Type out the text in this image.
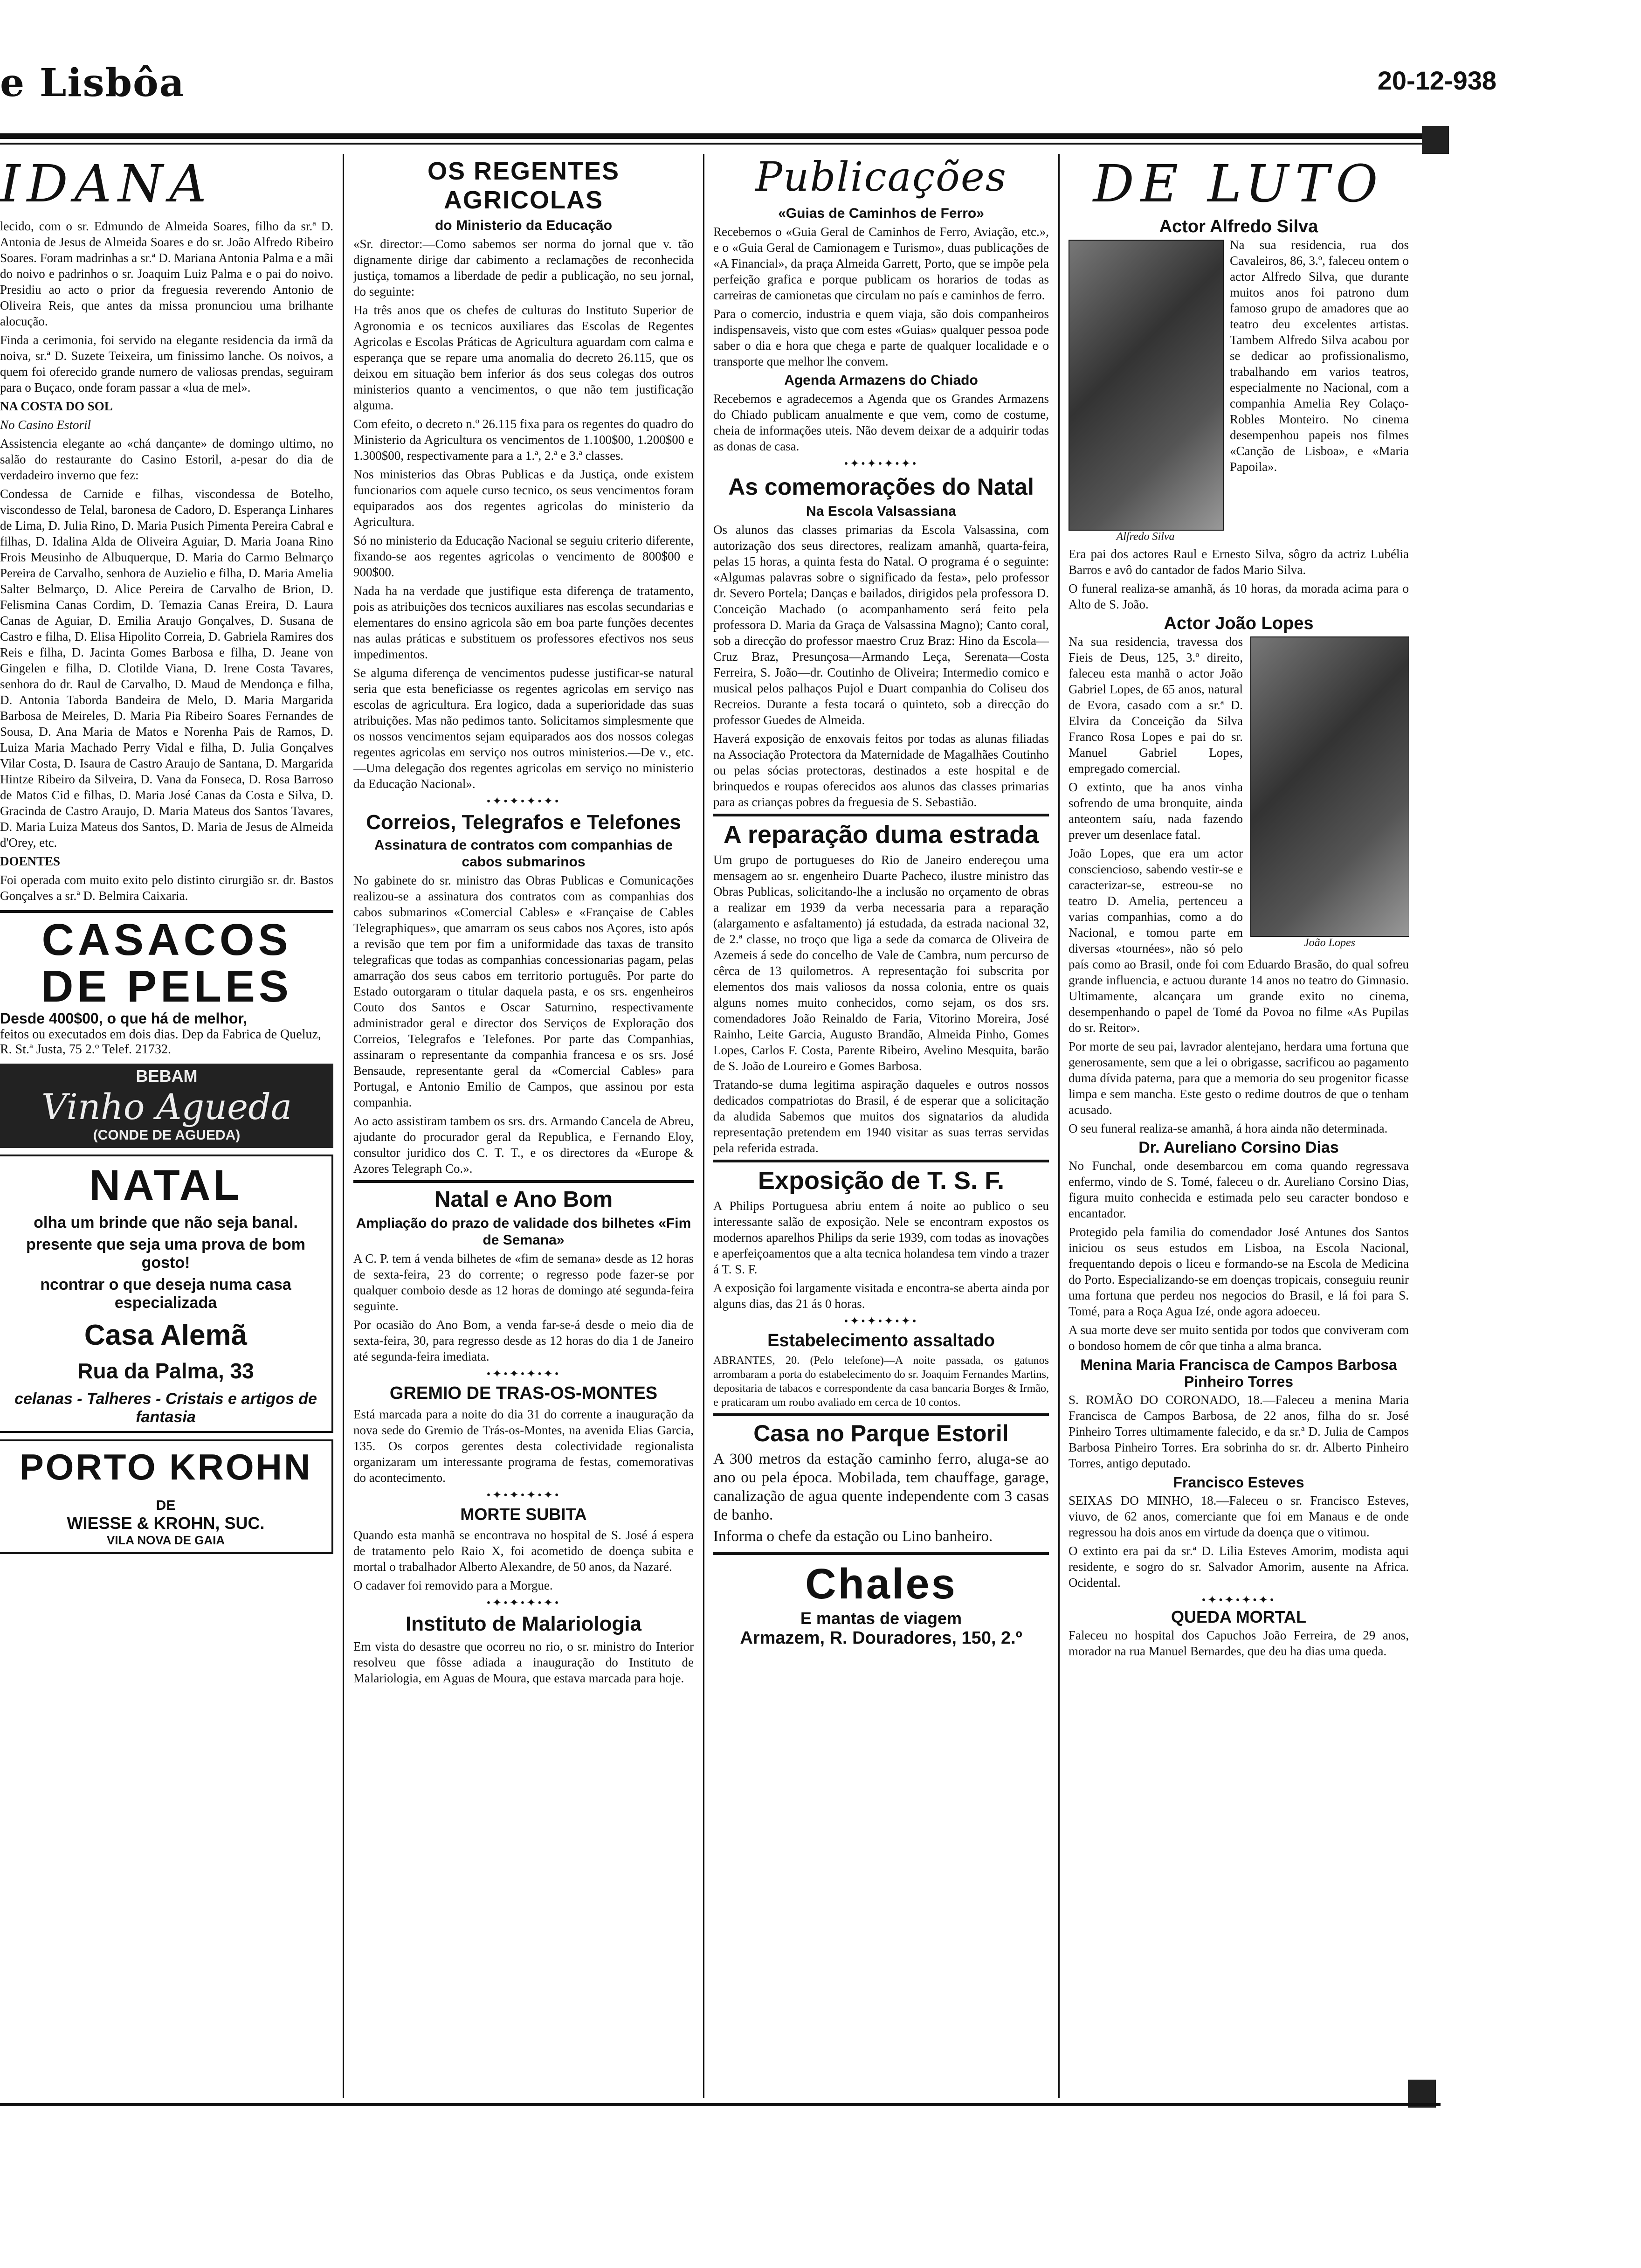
e Lisbôa	20-12-938
IDANA

lecido, com o sr. Edmundo de Almeida Soares, filho da sr.ª D. Antonia de Jesus de Almeida Soares e do sr. João Alfredo Ribeiro Soares. Foram madrinhas a sr.ª D. Mariana Antonia Palma e a mãi do noivo e padrinhos o sr. Joaquim Luiz Palma e o pai do noivo. Presidiu ao acto o prior da freguesia reverendo Antonio de Oliveira Reis, que antes da missa pronunciou uma brilhante alocução.

Finda a cerimonia, foi servido na elegante residencia da irmã da noiva, sr.ª D. Suzete Teixeira, um finissimo lanche. Os noivos, a quem foi oferecido grande numero de valiosas prendas, seguiram para o Buçaco, onde foram passar a «lua de mel».

NA COSTA DO SOL

No Casino Estoril

Assistencia elegante ao «chá dançante» de domingo ultimo, no salão do restaurante do Casino Estoril, a-pesar do dia de verdadeiro inverno que fez:

Condessa de Carnide e filhas, viscondessa de Botelho, viscondesso de Telal, baronesa de Cadoro, D. Esperança Linhares de Lima, D. Julia Rino, D. Maria Pusich Pimenta Pereira Cabral e filhas, D. Idalina Alda de Oliveira Aguiar, D. Maria Joana Rino Frois Meusinho de Albuquerque, D. Maria do Carmo Belmarço Pereira de Carvalho, senhora de Auzielio e filha, D. Maria Amelia Salter Belmarço, D. Alice Pereira de Carvalho de Brion, D. Felismina Canas Cordim, D. Temazia Canas Ereira, D. Laura Canas de Aguiar, D. Emilia Araujo Gonçalves, D. Susana de Castro e filha, D. Elisa Hipolito Correia, D. Gabriela Ramires dos Reis e filha, D. Jacinta Gomes Barbosa e filha, D. Jeane von Gingelen e filha, D. Clotilde Viana, D. Irene Costa Tavares, senhora do dr. Raul de Carvalho, D. Maud de Mendonça e filha, D. Antonia Taborda Bandeira de Melo, D. Maria Margarida Barbosa de Meireles, D. Maria Pia Ribeiro Soares Fernandes de Sousa, D. Ana Maria de Matos e Norenha Pais de Ramos, D. Luiza Maria Machado Perry Vidal e filha, D. Julia Gonçalves Vilar Costa, D. Isaura de Castro Araujo de Santana, D. Margarida Hintze Ribeiro da Silveira, D. Vana da Fonseca, D. Rosa Barroso de Matos Cid e filhas, D. Maria José Canas da Costa e Silva, D. Gracinda de Castro Araujo, D. Maria Mateus dos Santos Tavares, D. Maria Luiza Mateus dos Santos, D. Maria de Jesus de Almeida d'Orey, etc.

DOENTES

Foi operada com muito exito pelo distinto cirurgião sr. dr. Bastos Gonçalves a sr.ª D. Belmira Caixaria.

CASACOS
DE PELES
Desde 400$00, o que há de melhor,
feitos ou executados em dois dias. Dep da Fabrica de Queluz, R. St.ª Justa, 75 2.º Telef. 21732.
BEBAM
Vinho Agueda
(CONDE DE AGUEDA)
NATAL
olha um brinde que não seja banal.
presente que seja uma prova de bom gosto!
ncontrar o que deseja numa casa especializada
Casa Alemã
Rua da Palma, 33
celanas - Talheres - Cristais e artigos de fantasia
PORTO KROHN
DE
WIESSE & KROHN, SUC.
VILA NOVA DE GAIA
OS REGENTES AGRICOLAS
do Ministerio da Educação

«Sr. director:—Como sabemos ser norma do jornal que v. tão dignamente dirige dar cabimento a reclamações de reconhecida justiça, tomamos a liberdade de pedir a publicação, no seu jornal, do seguinte:

Ha três anos que os chefes de culturas do Instituto Superior de Agronomia e os tecnicos auxiliares das Escolas de Regentes Agricolas e Escolas Práticas de Agricultura aguardam com calma e esperança que se repare uma anomalia do decreto 26.115, que os deixou em situação bem inferior ás dos seus colegas dos outros ministerios quanto a vencimentos, o que não tem justificação alguma.

Com efeito, o decreto n.º 26.115 fixa para os regentes do quadro do Ministerio da Agricultura os vencimentos de 1.100$00, 1.200$00 e 1.300$00, respectivamente para a 1.ª, 2.ª e 3.ª classes.

Nos ministerios das Obras Publicas e da Justiça, onde existem funcionarios com aquele curso tecnico, os seus vencimentos foram equiparados aos dos regentes agricolas do ministerio da Agricultura.

Só no ministerio da Educação Nacional se seguiu criterio diferente, fixando-se aos regentes agricolas o vencimento de 800$00 e 900$00.

Nada ha na verdade que justifique esta diferença de tratamento, pois as atribuições dos tecnicos auxiliares nas escolas secundarias e elementares do ensino agricola são em boa parte funções decentes nas aulas práticas e substituem os professores efectivos nos seus impedimentos.

Se alguma diferença de vencimentos pudesse justificar-se natural seria que esta beneficiasse os regentes agricolas em serviço nas escolas de agricultura. Era logico, dada a superioridade das suas atribuições. Mas não pedimos tanto. Solicitamos simplesmente que os nossos vencimentos sejam equiparados aos dos nossos colegas regentes agricolas em serviço nos outros ministerios.—De v., etc.—Uma delegação dos regentes agricolas em serviço no ministerio da Educação Nacional».

•✦•✦•✦•✦•
Correios, Telegrafos e Telefones
Assinatura de contratos com companhias de cabos submarinos

No gabinete do sr. ministro das Obras Publicas e Comunicações realizou-se a assinatura dos contratos com as companhias dos cabos submarinos «Comercial Cables» e «Française de Cables Telegraphiques», que amarram os seus cabos nos Açores, isto após a revisão que tem por fim a uniformidade das taxas de transito telegraficas que todas as companhias concessionarias pagam, pelas amarração dos seus cabos em territorio português. Por parte do Estado outorgaram o titular daquela pasta, e os srs. engenheiros Couto dos Santos e Oscar Saturnino, respectivamente administrador geral e director dos Serviços de Exploração dos Correios, Telegrafos e Telefones. Por parte das Companhias, assinaram o representante da companhia francesa e os srs. José Bensaude, representante geral da «Comercial Cables» para Portugal, e Antonio Emilio de Campos, que assinou por esta companhia.

Ao acto assistiram tambem os srs. drs. Armando Cancela de Abreu, ajudante do procurador geral da Republica, e Fernando Eloy, consultor juridico dos C. T. T., e os directores da «Europe & Azores Telegraph Co.».

Natal e Ano Bom
Ampliação do prazo de validade dos bilhetes «Fim de Semana»

A C. P. tem á venda bilhetes de «fim de semana» desde as 12 horas de sexta-feira, 23 do corrente; o regresso pode fazer-se por qualquer comboio desde as 12 horas de domingo até segunda-feira seguinte.

Por ocasião do Ano Bom, a venda far-se-á desde o meio dia de sexta-feira, 30, para regresso desde as 12 horas do dia 1 de Janeiro até segunda-feira imediata.

•✦•✦•✦•✦•
GREMIO DE TRAS-OS-MONTES

Está marcada para a noite do dia 31 do corrente a inauguração da nova sede do Gremio de Trás-os-Montes, na avenida Elias Garcia, 135. Os corpos gerentes desta colectividade regionalista organizaram um interessante programa de festas, comemorativas do acontecimento.

•✦•✦•✦•✦•
MORTE SUBITA

Quando esta manhã se encontrava no hospital de S. José á espera de tratamento pelo Raio X, foi acometido de doença subita e mortal o trabalhador Alberto Alexandre, de 50 anos, da Nazaré.

O cadaver foi removido para a Morgue.

•✦•✦•✦•✦•
Instituto de Malariologia

Em vista do desastre que ocorreu no rio, o sr. ministro do Interior resolveu que fôsse adiada a inauguração do Instituto de Malariologia, em Aguas de Moura, que estava marcada para hoje.

Publicações
«Guias de Caminhos de Ferro»

Recebemos o «Guia Geral de Caminhos de Ferro, Aviação, etc.», e o «Guia Geral de Camionagem e Turismo», duas publicações de «A Financial», da praça Almeida Garrett, Porto, que se impõe pela perfeição grafica e porque publicam os horarios de todas as carreiras de camionetas que circulam no país e caminhos de ferro.

Para o comercio, industria e quem viaja, são dois companheiros indispensaveis, visto que com estes «Guias» qualquer pessoa pode saber o dia e hora que chega e parte de qualquer localidade e o transporte que melhor lhe convem.

Agenda Armazens do Chiado

Recebemos e agradecemos a Agenda que os Grandes Armazens do Chiado publicam anualmente e que vem, como de costume, cheia de informações uteis. Não devem deixar de a adquirir todas as donas de casa.

•✦•✦•✦•✦•
As comemorações do Natal
Na Escola Valsassiana

Os alunos das classes primarias da Escola Valsassina, com autorização dos seus directores, realizam amanhã, quarta-feira, pelas 15 horas, a quinta festa do Natal. O programa é o seguinte: «Algumas palavras sobre o significado da festa», pelo professor dr. Severo Portela; Danças e bailados, dirigidos pela professora D. Conceição Machado (o acompanhamento será feito pela professora D. Maria da Graça de Valsassina Magno); Canto coral, sob a direcção do professor maestro Cruz Braz: Hino da Escola— Cruz Braz, Presunçosa—Armando Leça, Serenata—Costa Ferreira, S. João—dr. Coutinho de Oliveira; Intermedio comico e musical pelos palhaços Pujol e Duart companhia do Coliseu dos Recreios. Durante a festa tocará o quinteto, sob a direcção do professor Guedes de Almeida.

Haverá exposição de enxovais feitos por todas as alunas filiadas na Associação Protectora da Maternidade de Magalhães Coutinho ou pelas sócias protectoras, destinados a este hospital e de brinquedos e roupas oferecidos aos alunos das classes primarias para as crianças pobres da freguesia de S. Sebastião.

A reparação duma estrada

Um grupo de portugueses do Rio de Janeiro endereçou uma mensagem ao sr. engenheiro Duarte Pacheco, ilustre ministro das Obras Publicas, solicitando-lhe a inclusão no orçamento de obras a realizar em 1939 da verba necessaria para a reparação (alargamento e asfaltamento) já estudada, da estrada nacional 32, de 2.ª classe, no troço que liga a sede da comarca de Oliveira de Azemeis á sede do concelho de Vale de Cambra, num percurso de cêrca de 13 quilometros. A representação foi subscrita por elementos dos mais valiosos da nossa colonia, entre os quais alguns nomes muito conhecidos, como sejam, os dos srs. comendadores João Reinaldo de Faria, Vitorino Moreira, José Rainho, Leite Garcia, Augusto Brandão, Almeida Pinho, Gomes Lopes, Carlos F. Costa, Parente Ribeiro, Avelino Mesquita, barão de S. João de Loureiro e Gomes Barbosa.

Tratando-se duma legitima aspiração daqueles e outros nossos dedicados compatriotas do Brasil, é de esperar que a solicitação da aludida Sabemos que muitos dos signatarios da aludida representação pretendem em 1940 visitar as suas terras servidas pela referida estrada.

Exposição de T. S. F.

A Philips Portuguesa abriu entem á noite ao publico o seu interessante salão de exposição. Nele se encontram expostos os modernos aparelhos Philips da serie 1939, com todas as inovações e aperfeiçoamentos que a alta tecnica holandesa tem vindo a trazer á T. S. F.

A exposição foi largamente visitada e encontra-se aberta ainda por alguns dias, das 21 ás 0 horas.

•✦•✦•✦•✦•
Estabelecimento assaltado

ABRANTES, 20. (Pelo telefone)—A noite passada, os gatunos arrombaram a porta do estabelecimento do sr. Joaquim Fernandes Martins, depositaria de tabacos e correspondente da casa bancaria Borges & Irmão, e praticaram um roubo avaliado em cerca de 10 contos.

Casa no Parque Estoril

A 300 metros da estação caminho ferro, aluga-se ao ano ou pela época. Mobilada, tem chauffage, garage, canalização de agua quente independente com 3 casas de banho.

Informa o chefe da estação ou Lino banheiro.

Chales
E mantas de viagem
Armazem, R. Douradores, 150, 2.º
DE LUTO
Actor Alfredo Silva
Alfredo Silva

Na sua residencia, rua dos Cavaleiros, 86, 3.º, faleceu ontem o actor Alfredo Silva, que durante muitos anos foi patrono dum famoso grupo de amadores que ao teatro deu excelentes artistas. Tambem Alfredo Silva acabou por se dedicar ao profissionalismo, trabalhando em varios teatros, especialmente no Nacional, com a companhia Amelia Rey Colaço-Robles Monteiro. No cinema desempenhou papeis nos filmes «Canção de Lisboa», e «Maria Papoila».

Era pai dos actores Raul e Ernesto Silva, sôgro da actriz Lubélia Barros e avô do cantador de fados Mario Silva.

O funeral realiza-se amanhã, ás 10 horas, da morada acima para o Alto de S. João.

Actor João Lopes
João Lopes

Na sua residencia, travessa dos Fieis de Deus, 125, 3.º direito, faleceu esta manhã o actor João Gabriel Lopes, de 65 anos, natural de Evora, casado com a sr.ª D. Elvira da Conceição da Silva Franco Rosa Lopes e pai do sr. Manuel Gabriel Lopes, empregado comercial.

O extinto, que ha anos vinha sofrendo de uma bronquite, ainda anteontem saíu, nada fazendo prever um desenlace fatal.

João Lopes, que era um actor consciencioso, sabendo vestir-se e caracterizar-se, estreou-se no teatro D. Amelia, pertenceu a varias companhias, como a do Nacional, e tomou parte em diversas «tournées», não só pelo país como ao Brasil, onde foi com Eduardo Brasão, do qual sofreu grande influencia, e actuou durante 14 anos no teatro do Gimnasio. Ultimamente, alcançara um grande exito no cinema, desempenhando o papel de Tomé da Povoa no filme «As Pupilas do sr. Reitor».

Por morte de seu pai, lavrador alentejano, herdara uma fortuna que generosamente, sem que a lei o obrigasse, sacrificou ao pagamento duma dívida paterna, para que a memoria do seu progenitor ficasse limpa e sem mancha. Este gesto o redime doutros de que o tenham acusado.

O seu funeral realiza-se amanhã, á hora ainda não determinada.

Dr. Aureliano Corsino Dias

No Funchal, onde desembarcou em coma quando regressava enfermo, vindo de S. Tomé, faleceu o dr. Aureliano Corsino Dias, figura muito conhecida e estimada pelo seu caracter bondoso e encantador.

Protegido pela familia do comendador José Antunes dos Santos iniciou os seus estudos em Lisboa, na Escola Nacional, frequentando depois o liceu e formando-se na Escola de Medicina do Porto. Especializando-se em doenças tropicais, conseguiu reunir uma fortuna que perdeu nos negocios do Brasil, e lá foi para S. Tomé, para a Roça Agua Izé, onde agora adoeceu.

A sua morte deve ser muito sentida por todos que conviveram com o bondoso homem de côr que tinha a alma branca.

Menina Maria Francisca de Campos Barbosa Pinheiro Torres

S. ROMÃO DO CORONADO, 18.—Faleceu a menina Maria Francisca de Campos Barbosa, de 22 anos, filha do sr. José Pinheiro Torres ultimamente falecido, e da sr.ª D. Julia de Campos Barbosa Pinheiro Torres. Era sobrinha do sr. dr. Alberto Pinheiro Torres, antigo deputado.

Francisco Esteves

SEIXAS DO MINHO, 18.—Faleceu o sr. Francisco Esteves, viuvo, de 62 anos, comerciante que foi em Manaus e de onde regressou ha dois anos em virtude da doença que o vitimou.

O extinto era pai da sr.ª D. Lilia Esteves Amorim, modista aqui residente, e sogro do sr. Salvador Amorim, ausente na Africa. Ocidental.

•✦•✦•✦•✦•
QUEDA MORTAL

Faleceu no hospital dos Capuchos João Ferreira, de 29 anos, morador na rua Manuel Bernardes, que deu ha dias uma queda.
